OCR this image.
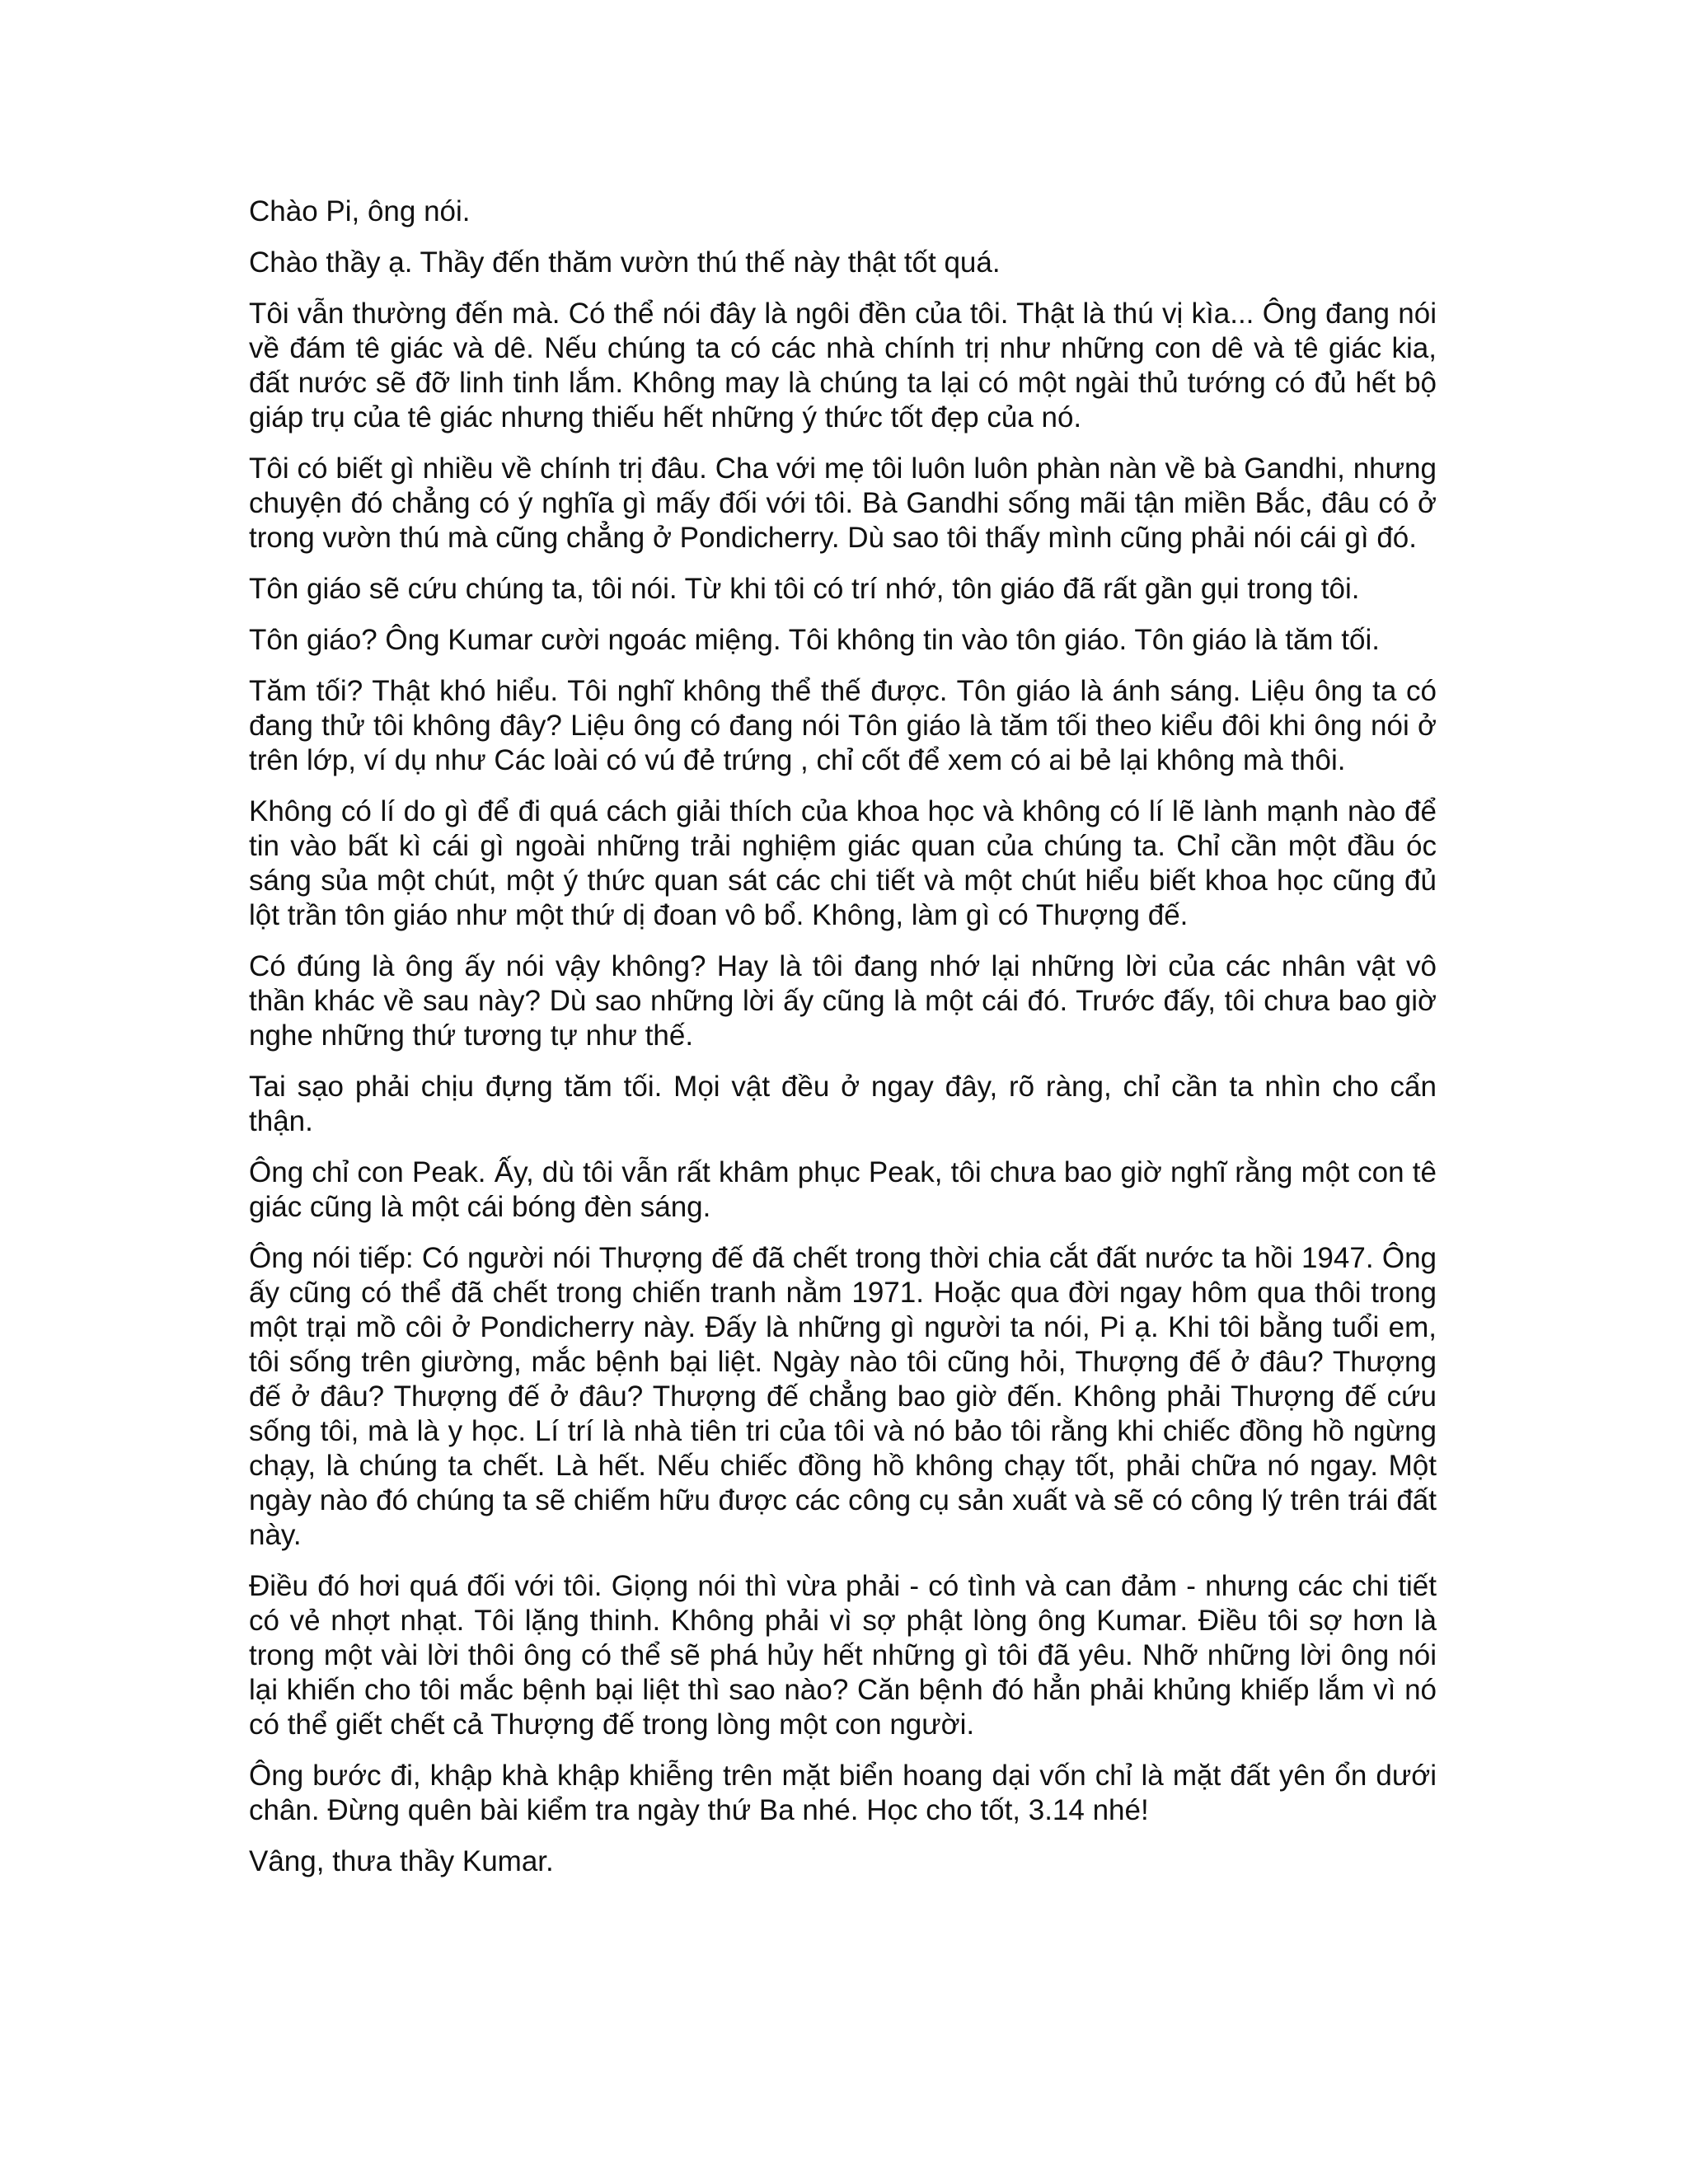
Chào Pi, ông nói.

Chào thầy ạ. Thầy đến thăm vườn thú thế này thật tốt quá.

Tôi vẫn thường đến mà. Có thể nói đây là ngôi đền của tôi. Thật là thú vị kìa... Ông đang nói về đám tê giác và dê. Nếu chúng ta có các nhà chính trị như những con dê và tê giác kia, đất nước sẽ đỡ linh tinh lắm. Không may là chúng ta lại có một ngài thủ tướng có đủ hết bộ giáp trụ của tê giác nhưng thiếu hết những ý thức tốt đẹp của nó.

Tôi có biết gì nhiều về chính trị đâu. Cha với mẹ tôi luôn luôn phàn nàn về bà Gandhi, nhưng chuyện đó chẳng có ý nghĩa gì mấy đối với tôi. Bà Gandhi sống mãi tận miền Bắc, đâu có ở trong vườn thú mà cũng chẳng ở Pondicherry. Dù sao tôi thấy mình cũng phải nói cái gì đó.

Tôn giáo sẽ cứu chúng ta, tôi nói. Từ khi tôi có trí nhớ, tôn giáo đã rất gần gụi trong tôi.

Tôn giáo? Ông Kumar cười ngoác miệng. Tôi không tin vào tôn giáo. Tôn giáo là tăm tối.

Tăm tối? Thật khó hiểu. Tôi nghĩ không thể thế được. Tôn giáo là ánh sáng. Liệu ông ta có đang thử tôi không đây? Liệu ông có đang nói Tôn giáo là tăm tối theo kiểu đôi khi ông nói ở trên lớp, ví dụ như Các loài có vú đẻ trứng , chỉ cốt để xem có ai bẻ lại không mà thôi.

Không có lí do gì để đi quá cách giải thích của khoa học và không có lí lẽ lành mạnh nào để tin vào bất kì cái gì ngoài những trải nghiệm giác quan của chúng ta. Chỉ cần một đầu óc sáng sủa một chút, một ý thức quan sát các chi tiết và một chút hiểu biết khoa học cũng đủ lột trần tôn giáo như một thứ dị đoan vô bổ. Không, làm gì có Thượng đế.

Có đúng là ông ấy nói vậy không? Hay là tôi đang nhớ lại những lời của các nhân vật vô thần khác về sau này? Dù sao những lời ấy cũng là một cái đó. Trước đấy, tôi chưa bao giờ nghe những thứ tương tự như thế.

Tai sạo phải chịu đựng tăm tối. Mọi vật đều ở ngay đây, rõ ràng, chỉ cần ta nhìn cho cẩn thận.

Ông chỉ con Peak. Ấy, dù tôi vẫn rất khâm phục Peak, tôi chưa bao giờ nghĩ rằng một con tê giác cũng là một cái bóng đèn sáng.

Ông nói tiếp: Có người nói Thượng đế đã chết trong thời chia cắt đất nước ta hồi 1947. Ông ấy cũng có thể đã chết trong chiến tranh nằm 1971. Hoặc qua đời ngay hôm qua thôi trong một trại mồ côi ở Pondicherry này. Đấy là những gì người ta nói, Pi ạ. Khi tôi bằng tuổi em, tôi sống trên giường, mắc bệnh bại liệt. Ngày nào tôi cũng hỏi, Thượng đế ở đâu? Thượng đế ở đâu? Thượng đế ở đâu? Thượng đế chẳng bao giờ đến. Không phải Thượng đế cứu sống tôi, mà là y học. Lí trí là nhà tiên tri của tôi và nó bảo tôi rằng khi chiếc đồng hồ ngừng chạy, là chúng ta chết. Là hết. Nếu chiếc đồng hồ không chạy tốt, phải chữa nó ngay. Một ngày nào đó chúng ta sẽ chiếm hữu được các công cụ sản xuất và sẽ có công lý trên trái đất này.

Điều đó hơi quá đối với tôi. Giọng nói thì vừa phải - có tình và can đảm - nhưng các chi tiết có vẻ nhợt nhạt. Tôi lặng thinh. Không phải vì sợ phật lòng ông Kumar. Điều tôi sợ hơn là trong một vài lời thôi ông có thể sẽ phá hủy hết những gì tôi đã yêu. Nhỡ những lời ông nói lại khiến cho tôi mắc bệnh bại liệt thì sao nào? Căn bệnh đó hẳn phải khủng khiếp lắm vì nó có thể giết chết cả Thượng đế trong lòng một con người.

Ông bước đi, khập khà khập khiễng trên mặt biển hoang dại vốn chỉ là mặt đất yên ổn dưới chân. Đừng quên bài kiểm tra ngày thứ Ba nhé. Học cho tốt, 3.14 nhé!

Vâng, thưa thầy Kumar.
